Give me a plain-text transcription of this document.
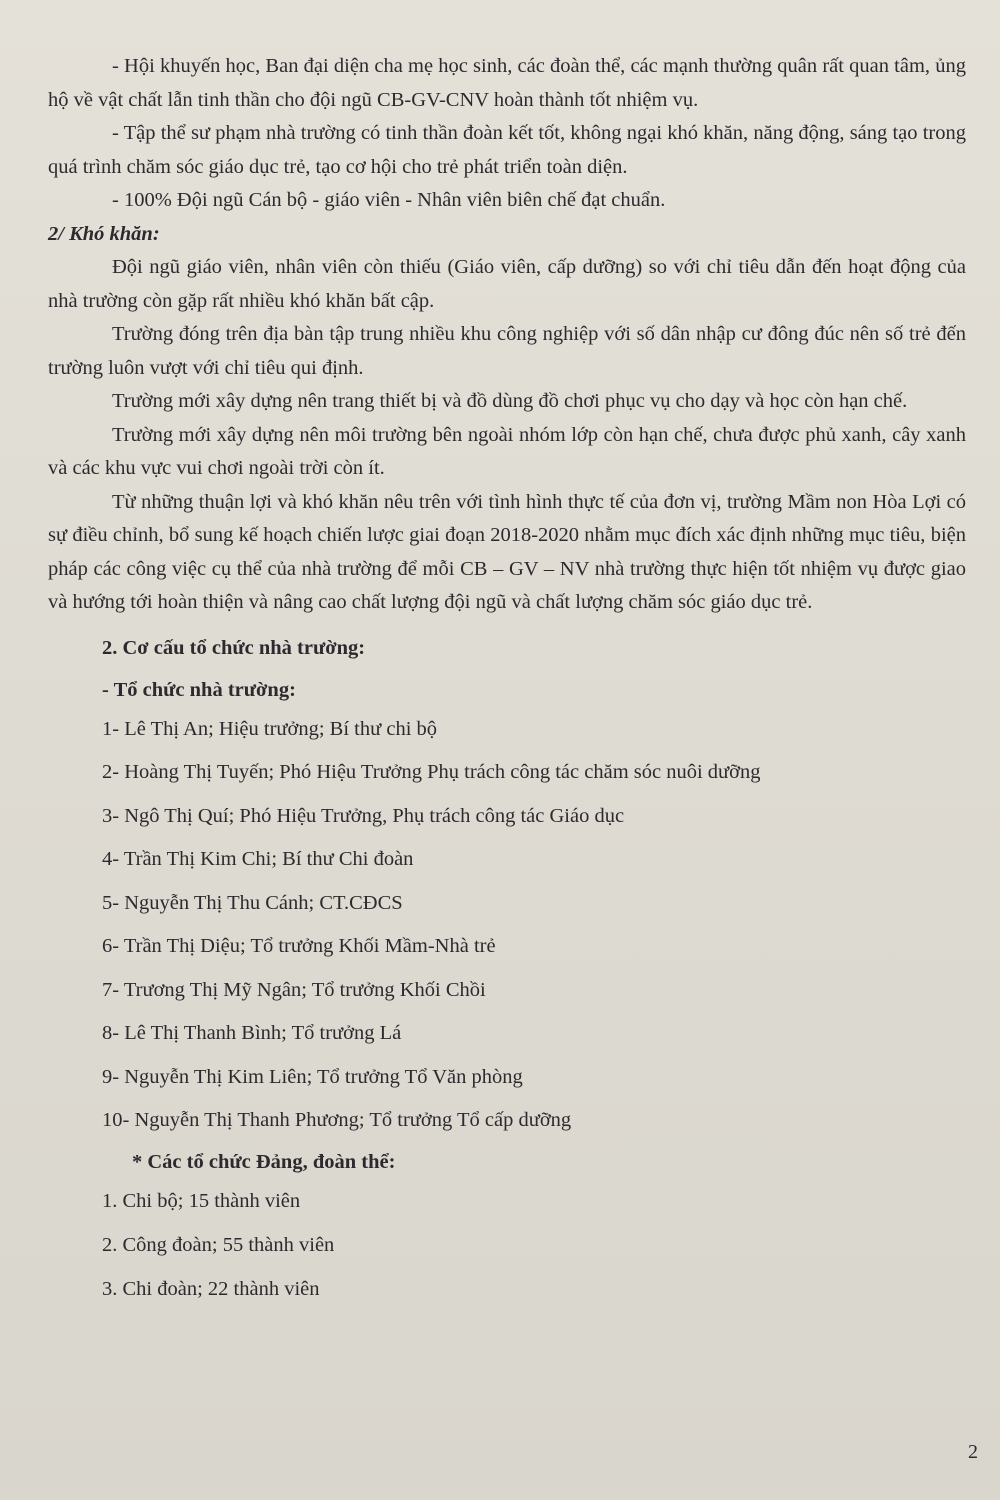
- Hội khuyến học, Ban đại diện cha mẹ học sinh, các đoàn thể, các mạnh thường quân rất quan tâm, ủng hộ về vật chất lẫn tinh thần cho đội ngũ CB-GV-CNV hoàn thành tốt nhiệm vụ.

- Tập thể sư phạm nhà trường có tinh thần đoàn kết tốt, không ngại khó khăn, năng động, sáng tạo trong quá trình chăm sóc giáo dục trẻ, tạo cơ hội cho trẻ phát triển toàn diện.

- 100% Đội ngũ Cán bộ - giáo viên - Nhân viên biên chế đạt chuẩn.

2/ Khó khăn:

Đội ngũ giáo viên, nhân viên còn thiếu (Giáo viên, cấp dưỡng) so với chỉ tiêu dẫn đến hoạt động của nhà trường còn gặp rất nhiều khó khăn bất cập.

Trường đóng trên địa bàn tập trung nhiều khu công nghiệp với số dân nhập cư đông đúc nên số trẻ đến trường luôn vượt với chỉ tiêu qui định.

Trường mới xây dựng nên trang thiết bị và đồ dùng đồ chơi phục vụ cho dạy và học còn hạn chế.

Trường mới xây dựng nên môi trường bên ngoài nhóm lớp còn hạn chế, chưa được phủ xanh, cây xanh và các khu vực vui chơi ngoài trời còn ít.

Từ những thuận lợi và khó khăn nêu trên với tình hình thực tế của đơn vị, trường Mầm non Hòa Lợi có sự điều chỉnh, bổ sung kế hoạch chiến lược giai đoạn 2018-2020 nhằm mục đích xác định những mục tiêu, biện pháp các công việc cụ thể của nhà trường để mỗi CB – GV – NV nhà trường thực hiện tốt nhiệm vụ được giao và hướng tới hoàn thiện và nâng cao chất lượng đội ngũ và chất lượng chăm sóc giáo dục trẻ.

2. Cơ cấu tổ chức nhà trường:

- Tổ chức nhà trường:

1- Lê Thị An; Hiệu trưởng; Bí thư chi bộ
2- Hoàng Thị Tuyến; Phó Hiệu Trưởng Phụ trách công tác chăm sóc nuôi dưỡng
3- Ngô Thị Quí; Phó Hiệu Trưởng, Phụ trách công tác Giáo dục
4- Trần Thị Kim Chi; Bí thư Chi đoàn
5- Nguyễn Thị Thu Cánh; CT.CĐCS
6- Trần Thị Diệu; Tổ trưởng Khối Mầm-Nhà trẻ
7- Trương Thị Mỹ Ngân; Tổ trưởng Khối Chồi
8- Lê Thị Thanh Bình; Tổ trưởng Lá
9- Nguyễn Thị Kim Liên; Tổ trưởng Tổ Văn phòng
10- Nguyễn Thị Thanh Phương; Tổ trưởng Tổ cấp dưỡng

* Các tổ chức Đảng, đoàn thể:

1. Chi bộ; 15 thành viên
2. Công đoàn; 55 thành viên
3. Chi đoàn; 22 thành viên
2
